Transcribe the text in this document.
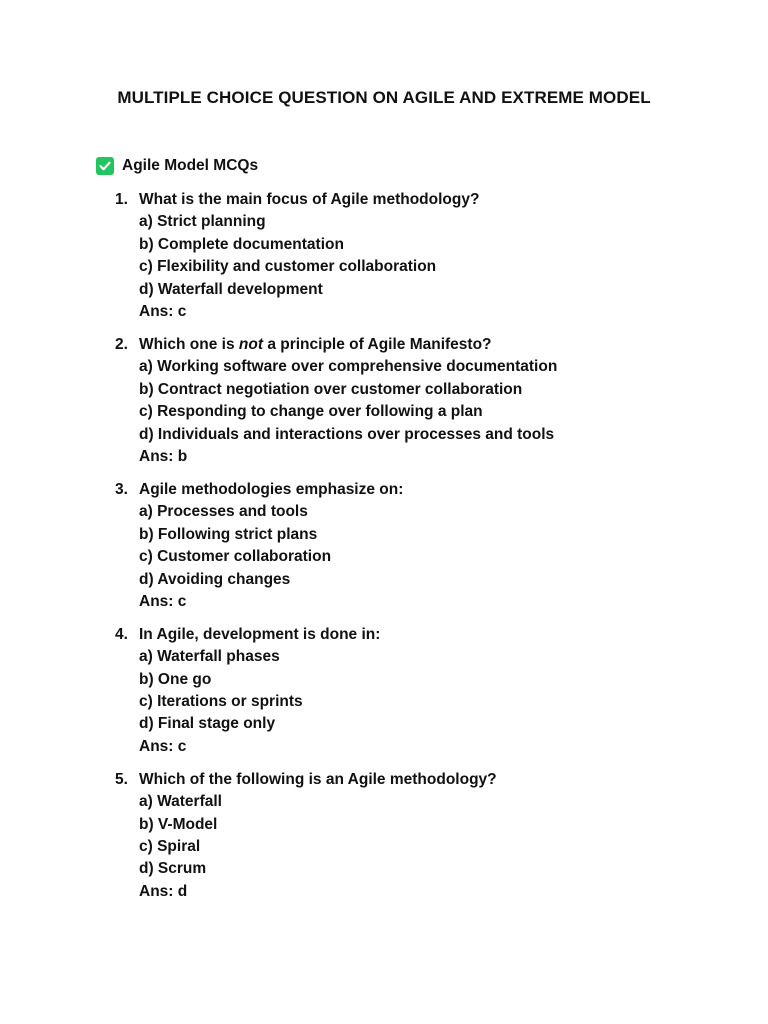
MULTIPLE CHOICE QUESTION ON AGILE AND EXTREME MODEL
Agile Model MCQs
1. What is the main focus of Agile methodology?
a) Strict planning
b) Complete documentation
c) Flexibility and customer collaboration
d) Waterfall development
Ans: c
2. Which one is not a principle of Agile Manifesto?
a) Working software over comprehensive documentation
b) Contract negotiation over customer collaboration
c) Responding to change over following a plan
d) Individuals and interactions over processes and tools
Ans: b
3. Agile methodologies emphasize on:
a) Processes and tools
b) Following strict plans
c) Customer collaboration
d) Avoiding changes
Ans: c
4. In Agile, development is done in:
a) Waterfall phases
b) One go
c) Iterations or sprints
d) Final stage only
Ans: c
5. Which of the following is an Agile methodology?
a) Waterfall
b) V-Model
c) Spiral
d) Scrum
Ans: d
